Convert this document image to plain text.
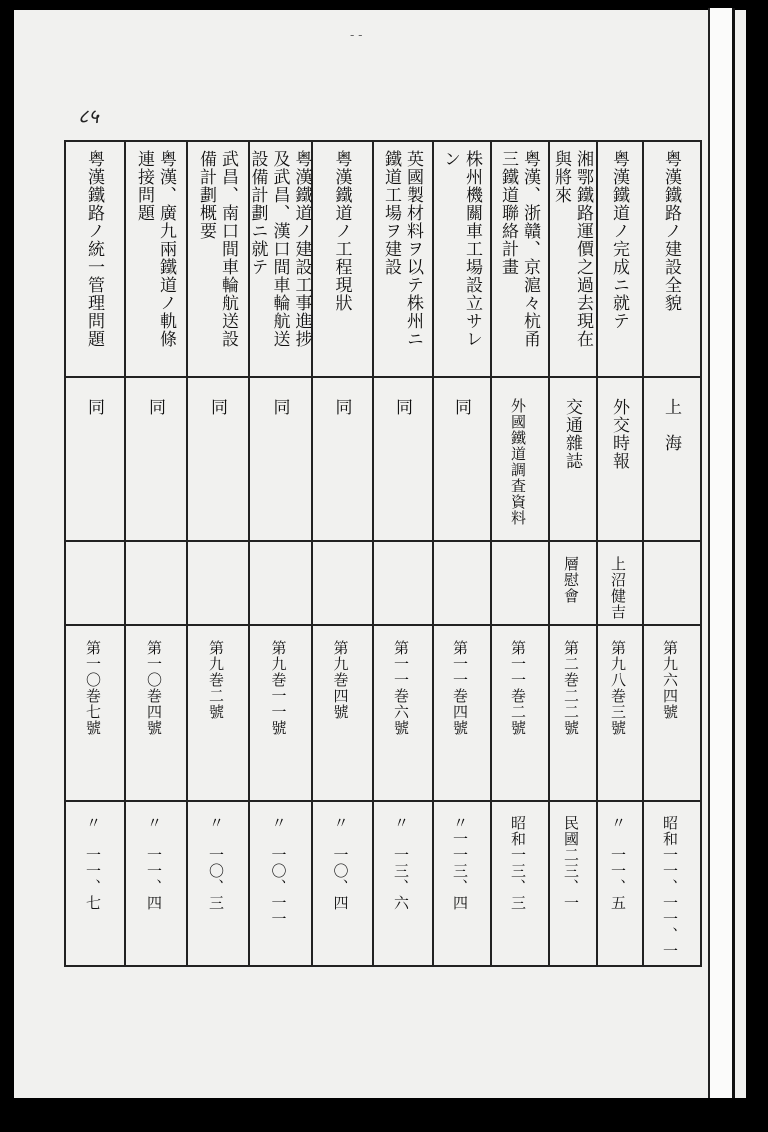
- -
८५
粤漢鐵路ノ建設全貌
上　海
第九六四號
昭和一一、一一、一
粤漢鐵道ノ完成ニ就テ
外交時報
上沼健吉
第九八巻三號
〃　一一、五
湘鄂鐵路運價之過去現在
與將來
交通雜誌
層慰會
第二巻二二號
民國二三、一
粤漢、浙贛、京滬々杭甬
三鐵道聯絡計畫
外國鐵道調査資料
第一一巻二號
昭和一三、三
株州機關車工場設立サレ
ン
同
第一一巻四號
〃一一三、四
英國製材料ヲ以テ株州ニ
鐵道工場ヲ建設
同
第一一巻六號
〃　一三、六
粤漢鐵道ノ工程現狀
同
第九巻四號
〃　一〇、四
粤漢鐵道ノ建設工事進捗
及武昌、漢口間車輪航送
設備計劃ニ就テ
同
第九巻一一號
〃　一〇、一一
武昌、南口間車輪航送設
備計劃概要
同
第九巻二號
〃　一〇、三
粤漢、廣九兩鐵道ノ軌條
連接問題
同
第一〇巻四號
〃　一一、四
粤漢鐵路ノ統一管理問題
同
第一〇巻七號
〃　一一、七
